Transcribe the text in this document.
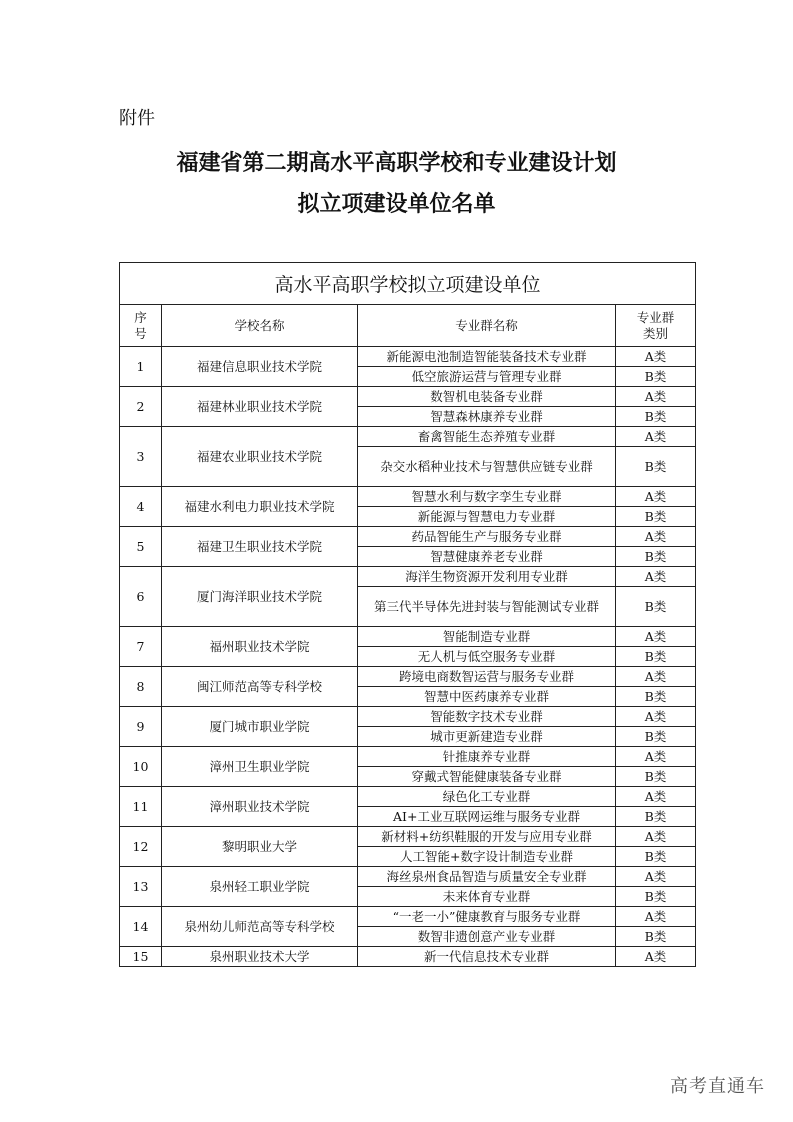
附件
福建省第二期高水平高职学校和专业建设计划
拟立项建设单位名单
高水平高职学校拟立项建设单位			
序
号	学校名称	专业群名称	专业群
类别
1	福建信息职业技术学院	新能源电池制造智能装备技术专业群	A类
		低空旅游运营与管理专业群	B类
2	福建林业职业技术学院	数智机电装备专业群	A类
		智慧森林康养专业群	B类
3	福建农业职业技术学院	畜禽智能生态养殖专业群	A类
		杂交水稻种业技术与智慧供应链专业群	B类
4	福建水利电力职业技术学院	智慧水利与数字孪生专业群	A类
		新能源与智慧电力专业群	B类
5	福建卫生职业技术学院	药品智能生产与服务专业群	A类
		智慧健康养老专业群	B类
6	厦门海洋职业技术学院	海洋生物资源开发利用专业群	A类
		第三代半导体先进封装与智能测试专业群	B类
7	福州职业技术学院	智能制造专业群	A类
		无人机与低空服务专业群	B类
8	闽江师范高等专科学校	跨境电商数智运营与服务专业群	A类
		智慧中医药康养专业群	B类
9	厦门城市职业学院	智能数字技术专业群	A类
		城市更新建造专业群	B类
10	漳州卫生职业学院	针推康养专业群	A类
		穿戴式智能健康装备专业群	B类
11	漳州职业技术学院	绿色化工专业群	A类
		AI+工业互联网运维与服务专业群	B类
12	黎明职业大学	新材料+纺织鞋服的开发与应用专业群	A类
		人工智能+数字设计制造专业群	B类
13	泉州轻工职业学院	海丝泉州食品智造与质量安全专业群	A类
		未来体育专业群	B类
14	泉州幼儿师范高等专科学校	“一老一小”健康教育与服务专业群	A类
		数智非遗创意产业专业群	B类
15	泉州职业技术大学	新一代信息技术专业群	A类
高考直通车
